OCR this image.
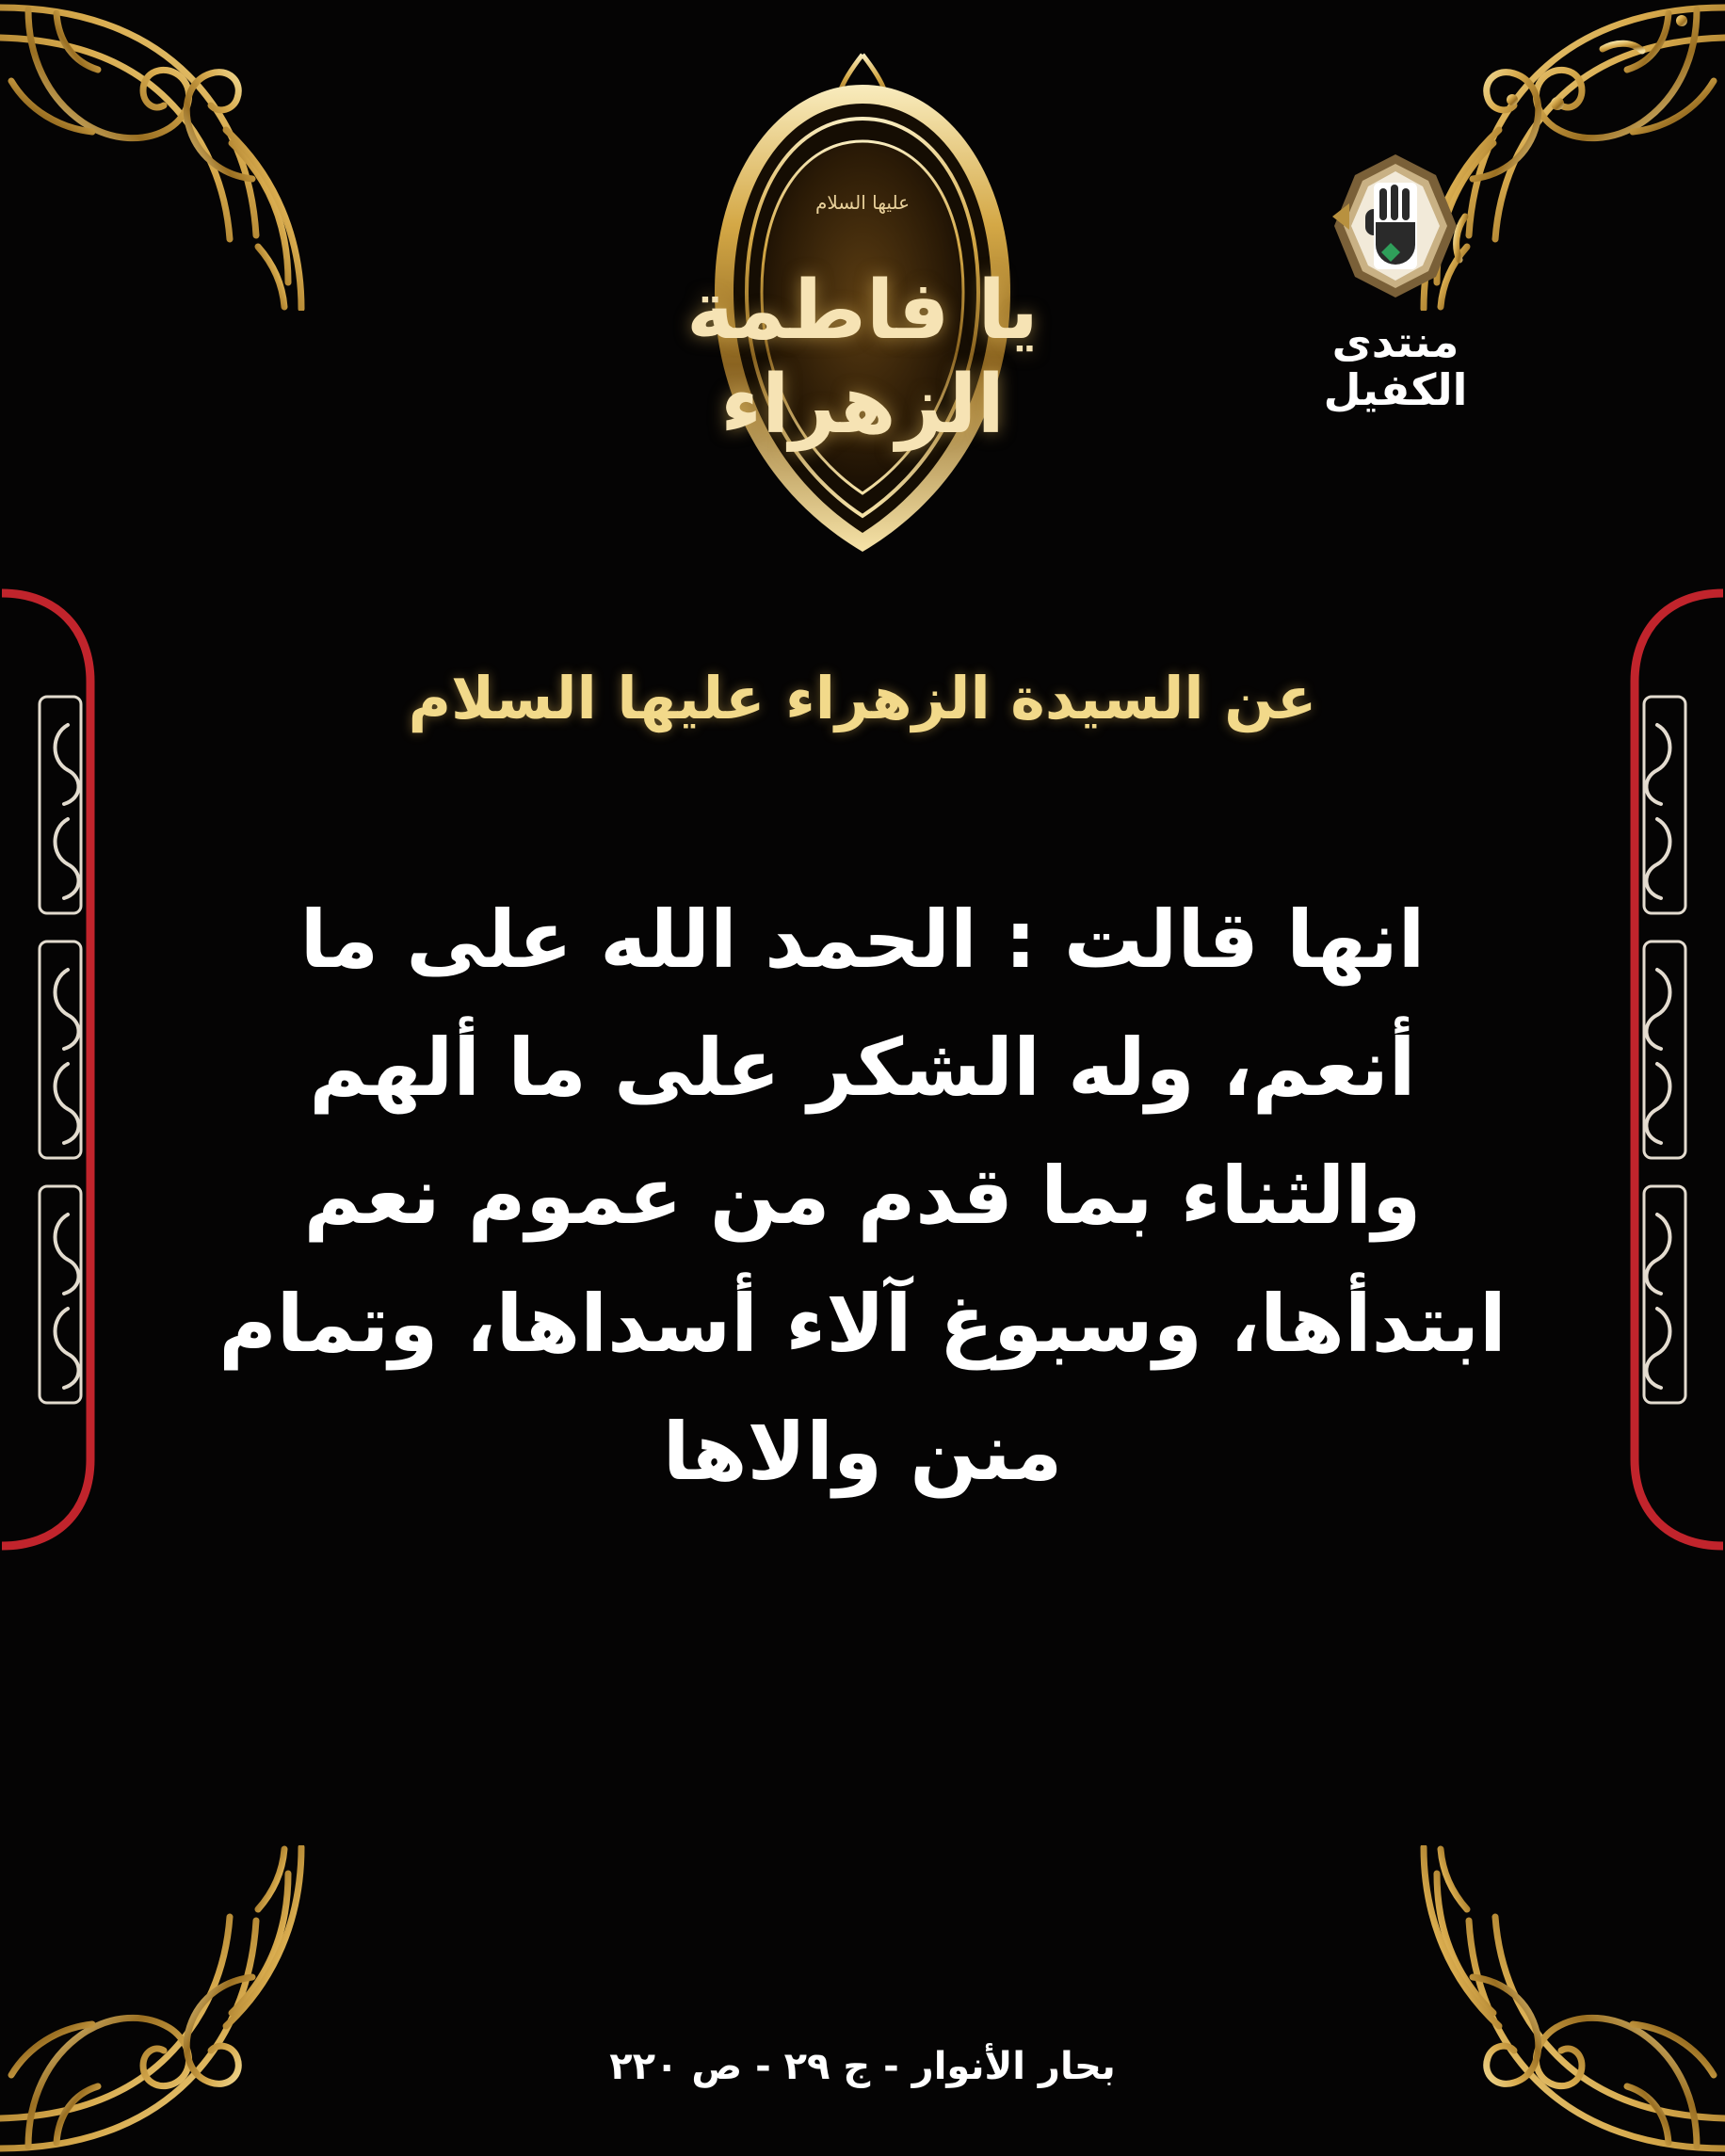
منتدى الكفيل
عليها السلام
يا فاطمة الزهراء
عن السيدة الزهراء عليها السلام
انها قالت : الحمد الله على ما أنعم، وله الشكر على ما ألهم والثناء بما قدم من عموم نعم ابتدأها، وسبوغ آلاء أسداها، وتمام منن والاها
بحار الأنوار - ج ٢٩ - ص ٢٢٠
